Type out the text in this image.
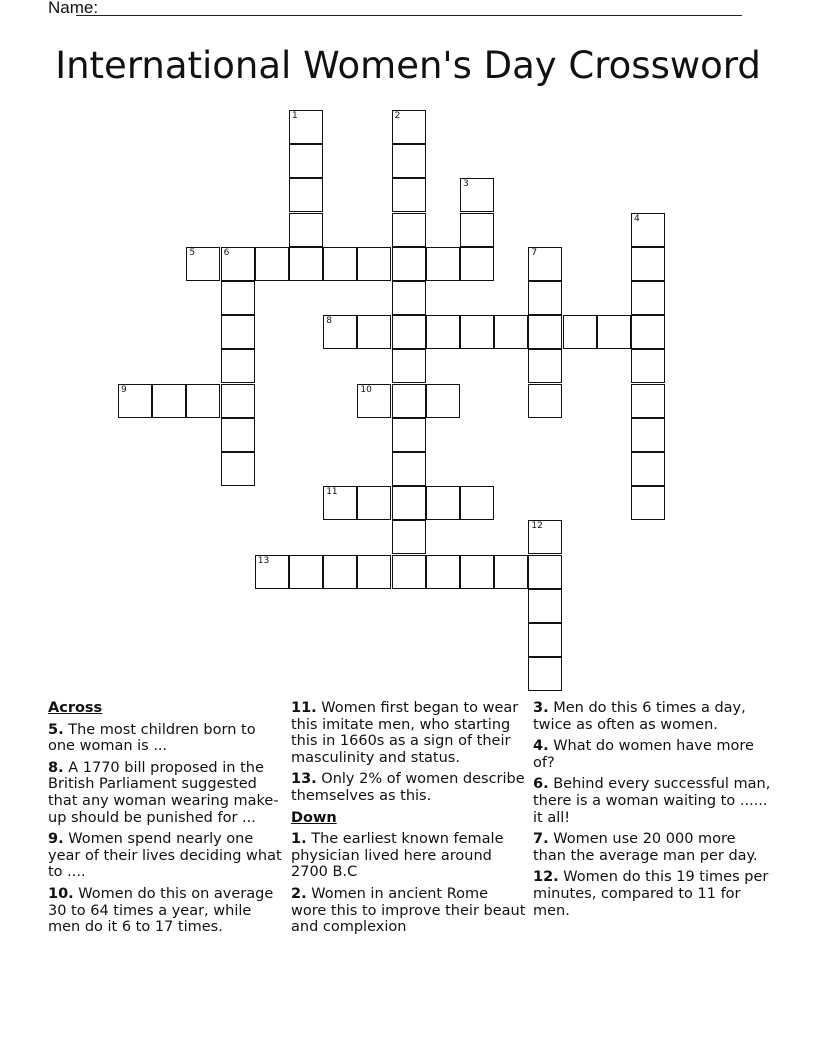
Name:
International Women's Day Crossword
1	2
3
4
5	6	7
8
9	10
11
12
13
Across
5. The most children born to one woman is ...
8. A 1770 bill proposed in the British Parliament suggested that any woman wearing make-up should be punished for ...
9. Women spend nearly one year of their lives deciding what to ....
10. Women do this on average 30 to 64 times a year, while men do it 6 to 17 times.
11. Women first began to wear this imitate men, who starting this in 1660s as a sign of their masculinity and status.
13. Only 2% of women describe themselves as this.
Down
1. The earliest known female physician lived here around 2700 B.C
2. Women in ancient Rome wore this to improve their beaut and complexion
3. Men do this 6 times a day, twice as often as women.
4. What do women have more of?
6. Behind every successful man, there is a woman waiting to ...... it all!
7. Women use 20 000 more than the average man per day.
12. Women do this 19 times per minutes, compared to 11 for men.
